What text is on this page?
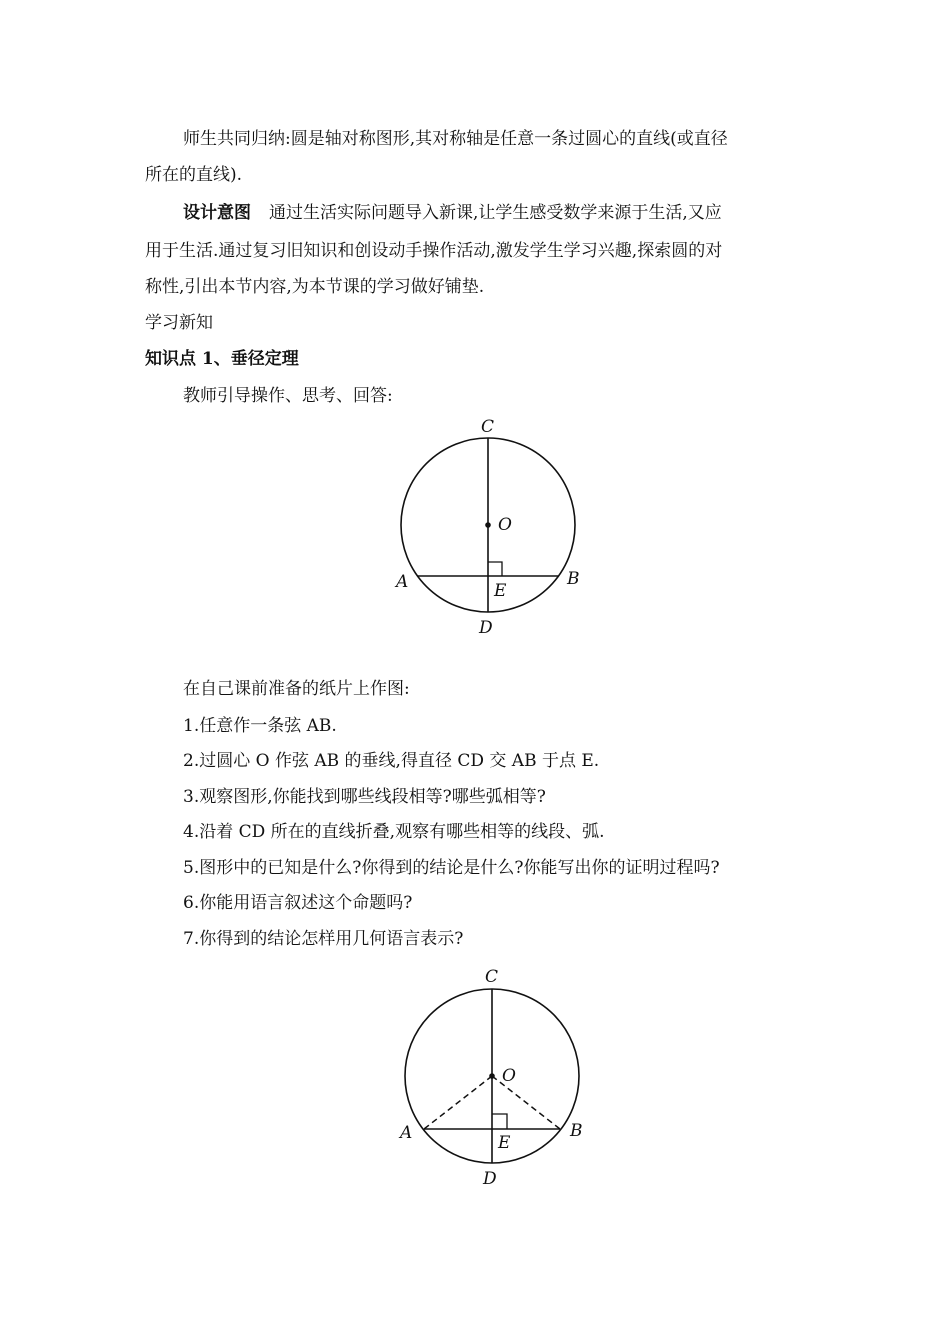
师生共同归纳:圆是轴对称图形,其对称轴是任意一条过圆心的直线(或直径
所在的直线).
设计意图 通过生活实际问题导入新课,让学生感受数学来源于生活,又应
用于生活.通过复习旧知识和创设动手操作活动,激发学生学习兴趣,探索圆的对
称性,引出本节内容,为本节课的学习做好铺垫.
学习新知
知识点 1、垂径定理
教师引导操作、思考、回答:
C
O
A	E
B
D
C
O
A	E
B
D
在自己课前准备的纸片上作图:
1.任意作一条弦 AB.
2.过圆心 O 作弦 AB 的垂线,得直径 CD 交 AB 于点 E.
3.观察图形,你能找到哪些线段相等?哪些弧相等?
4.沿着 CD 所在的直线折叠,观察有哪些相等的线段、弧.
5.图形中的已知是什么?你得到的结论是什么?你能写出你的证明过程吗?
6.你能用语言叙述这个命题吗?
7.你得到的结论怎样用几何语言表示?
